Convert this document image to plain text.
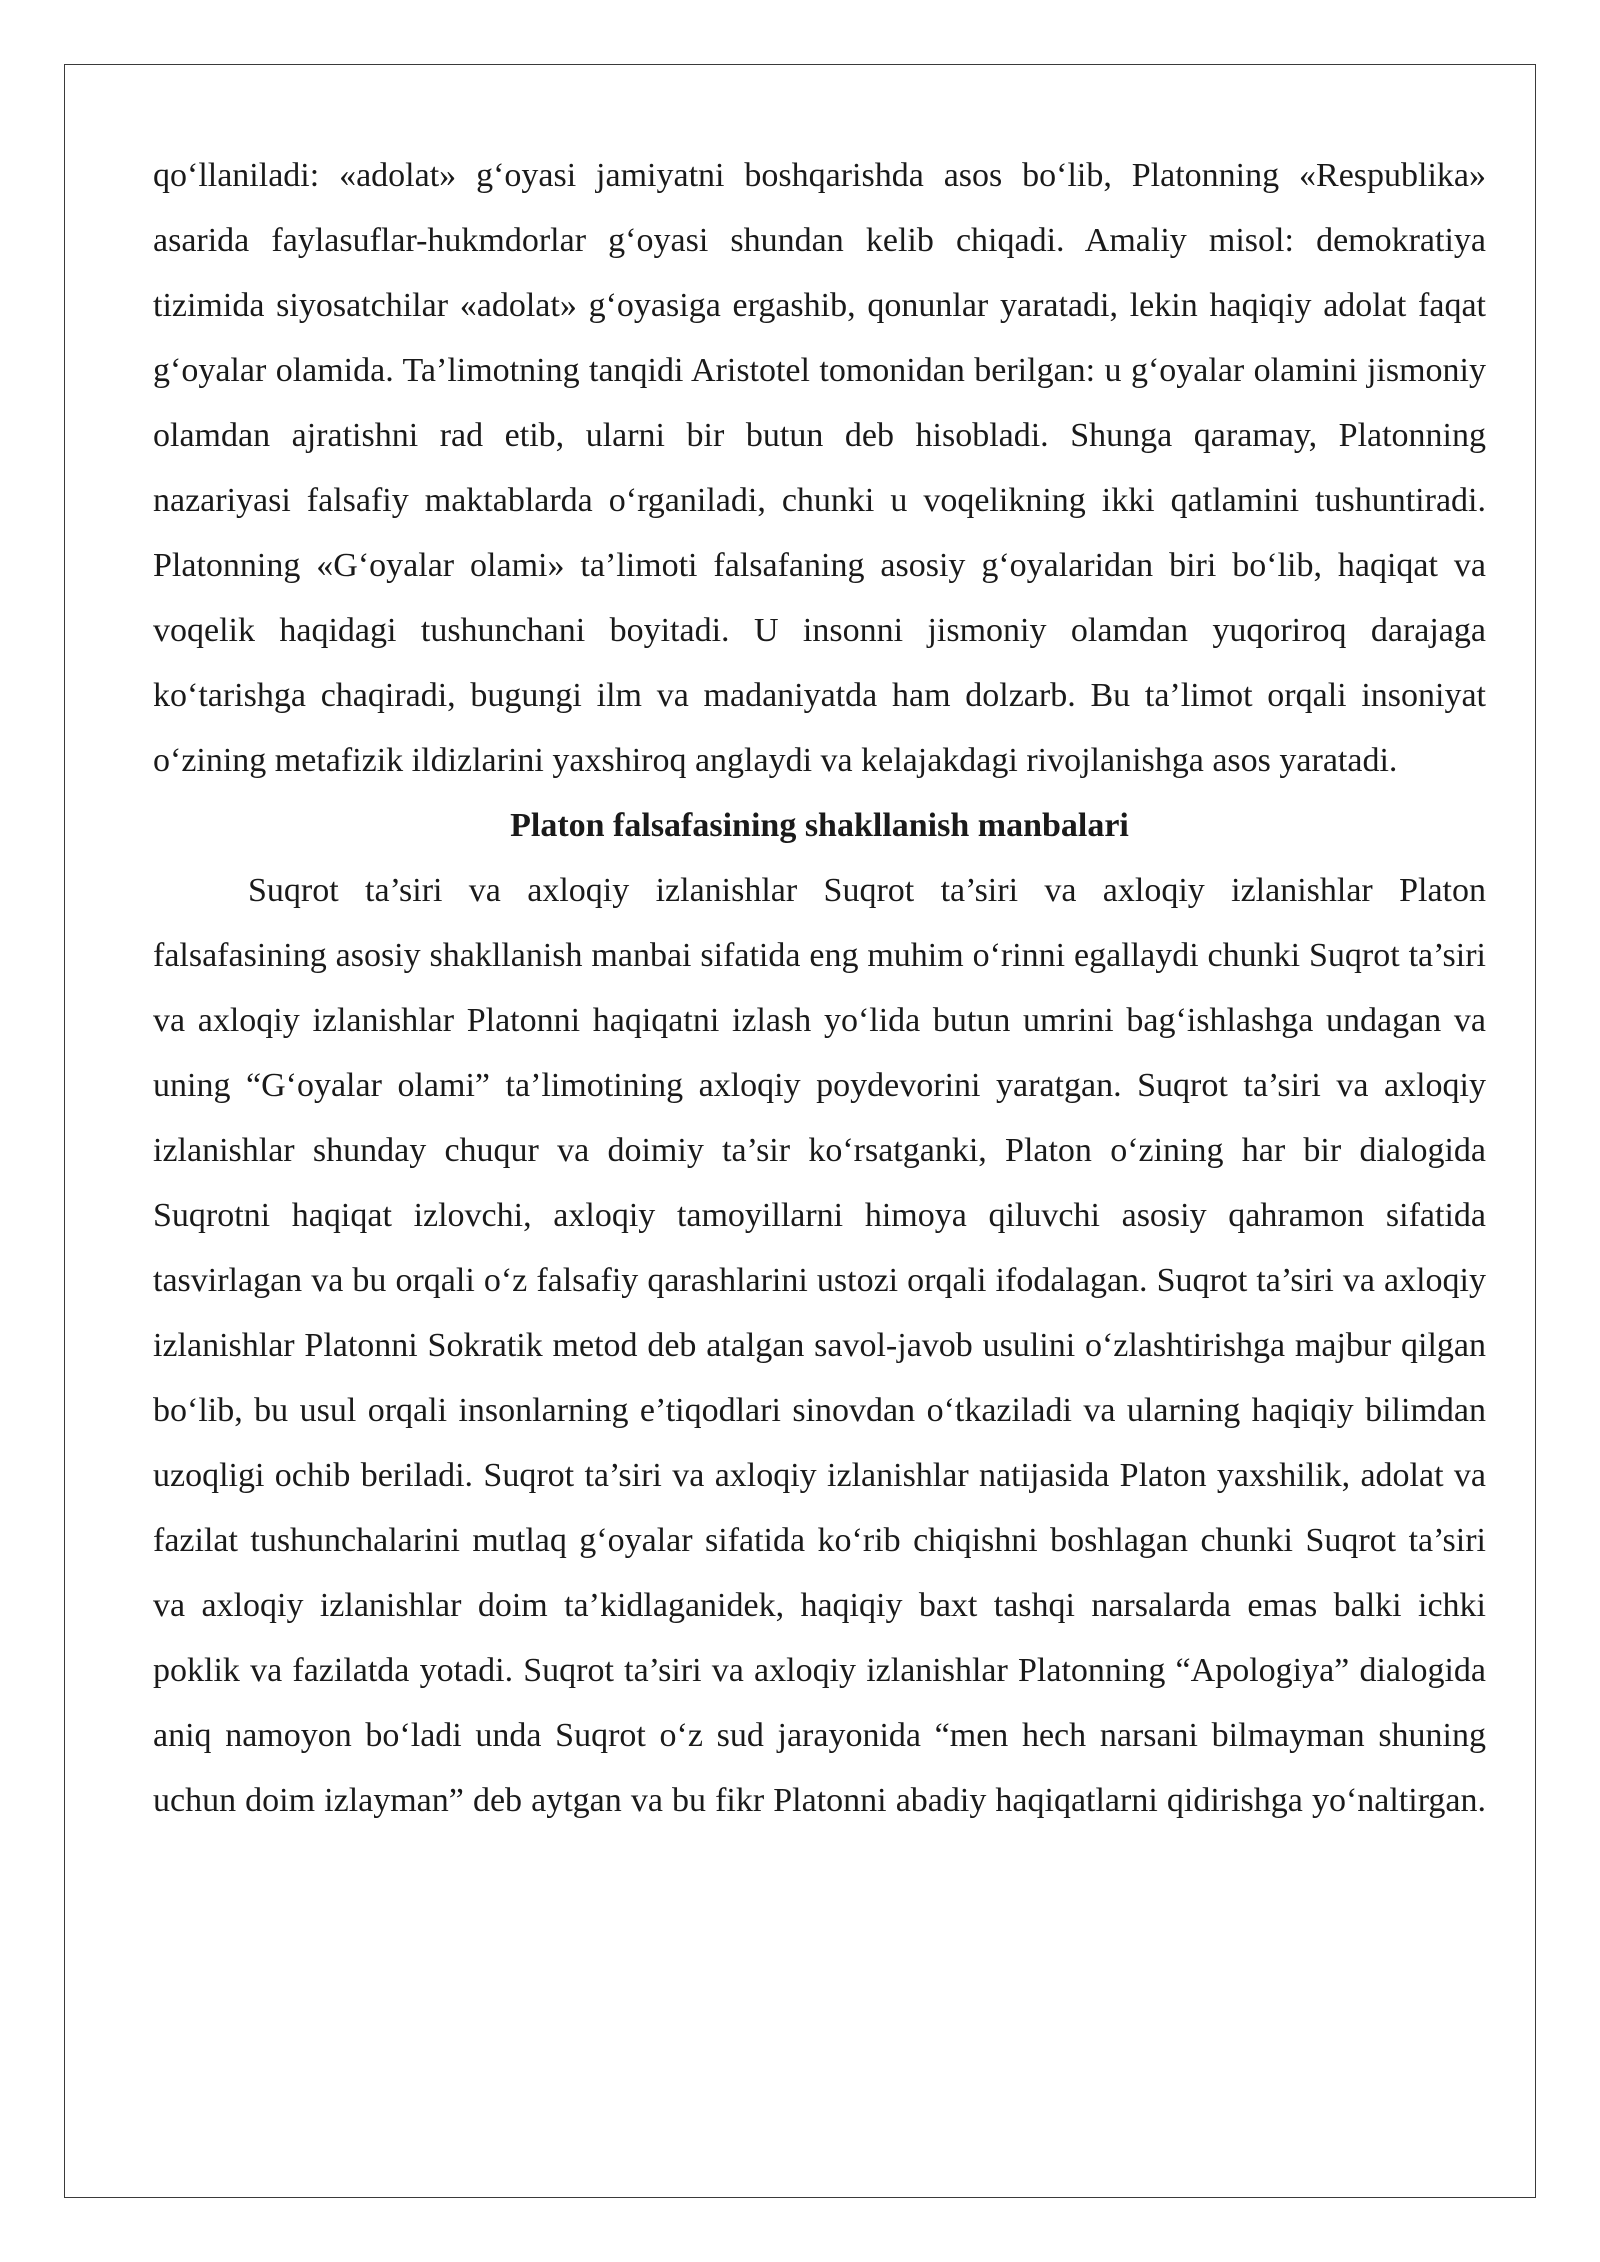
qo‘llaniladi: «adolat» g‘oyasi jamiyatni boshqarishda asos bo‘lib, Platonning «Respublika» asarida faylasuflar-hukmdorlar g‘oyasi shundan kelib chiqadi. Amaliy misol: demokratiya tizimida siyosatchilar «adolat» g‘oyasiga ergashib, qonunlar yaratadi, lekin haqiqiy adolat faqat g‘oyalar olamida. Ta’limotning tanqidi Aristotel tomonidan berilgan: u g‘oyalar olamini jismoniy olamdan ajratishni rad etib, ularni bir butun deb hisobladi. Shunga qaramay, Platonning nazariyasi falsafiy maktablarda o‘rganiladi, chunki u voqelikning ikki qatlamini tushuntiradi. Platonning «G‘oyalar olami» ta’limoti falsafaning asosiy g‘oyalaridan biri bo‘lib, haqiqat va voqelik haqidagi tushunchani boyitadi. U insonni jismoniy olamdan yuqoriroq darajaga ko‘tarishga chaqiradi, bugungi ilm va madaniyatda ham dolzarb. Bu ta’limot orqali insoniyat o‘zining metafizik ildizlarini yaxshiroq anglaydi va kelajakdagi rivojlanishga asos yaratadi.

Platon falsafasining shakllanish manbalari

Suqrot ta’siri va axloqiy izlanishlar Suqrot ta’siri va axloqiy izlanishlar Platon falsafasining asosiy shakllanish manbai sifatida eng muhim o‘rinni egallaydi chunki Suqrot ta’siri va axloqiy izlanishlar Platonni haqiqatni izlash yo‘lida butun umrini bag‘ishlashga undagan va uning “G‘oyalar olami” ta’limotining axloqiy poydevorini yaratgan. Suqrot ta’siri va axloqiy izlanishlar shunday chuqur va doimiy ta’sir ko‘rsatganki, Platon o‘zining har bir dialogida Suqrotni haqiqat izlovchi, axloqiy tamoyillarni himoya qiluvchi asosiy qahramon sifatida tasvirlagan va bu orqali o‘z falsafiy qarashlarini ustozi orqali ifodalagan. Suqrot ta’siri va axloqiy izlanishlar Platonni Sokratik metod deb atalgan savol-javob usulini o‘zlashtirishga majbur qilgan bo‘lib, bu usul orqali insonlarning e’tiqodlari sinovdan o‘tkaziladi va ularning haqiqiy bilimdan uzoqligi ochib beriladi. Suqrot ta’siri va axloqiy izlanishlar natijasida Platon yaxshilik, adolat va fazilat tushunchalarini mutlaq g‘oyalar sifatida ko‘rib chiqishni boshlagan chunki Suqrot ta’siri va axloqiy izlanishlar doim ta’kidlaganidek, haqiqiy baxt tashqi narsalarda emas balki ichki poklik va fazilatda yotadi. Suqrot ta’siri va axloqiy izlanishlar Platonning “Apologiya” dialogida aniq namoyon bo‘ladi unda Suqrot o‘z sud jarayonida “men hech narsani bilmayman shuning uchun doim izlayman” deb aytgan va bu fikr Platonni abadiy haqiqatlarni qidirishga yo‘naltirgan.
